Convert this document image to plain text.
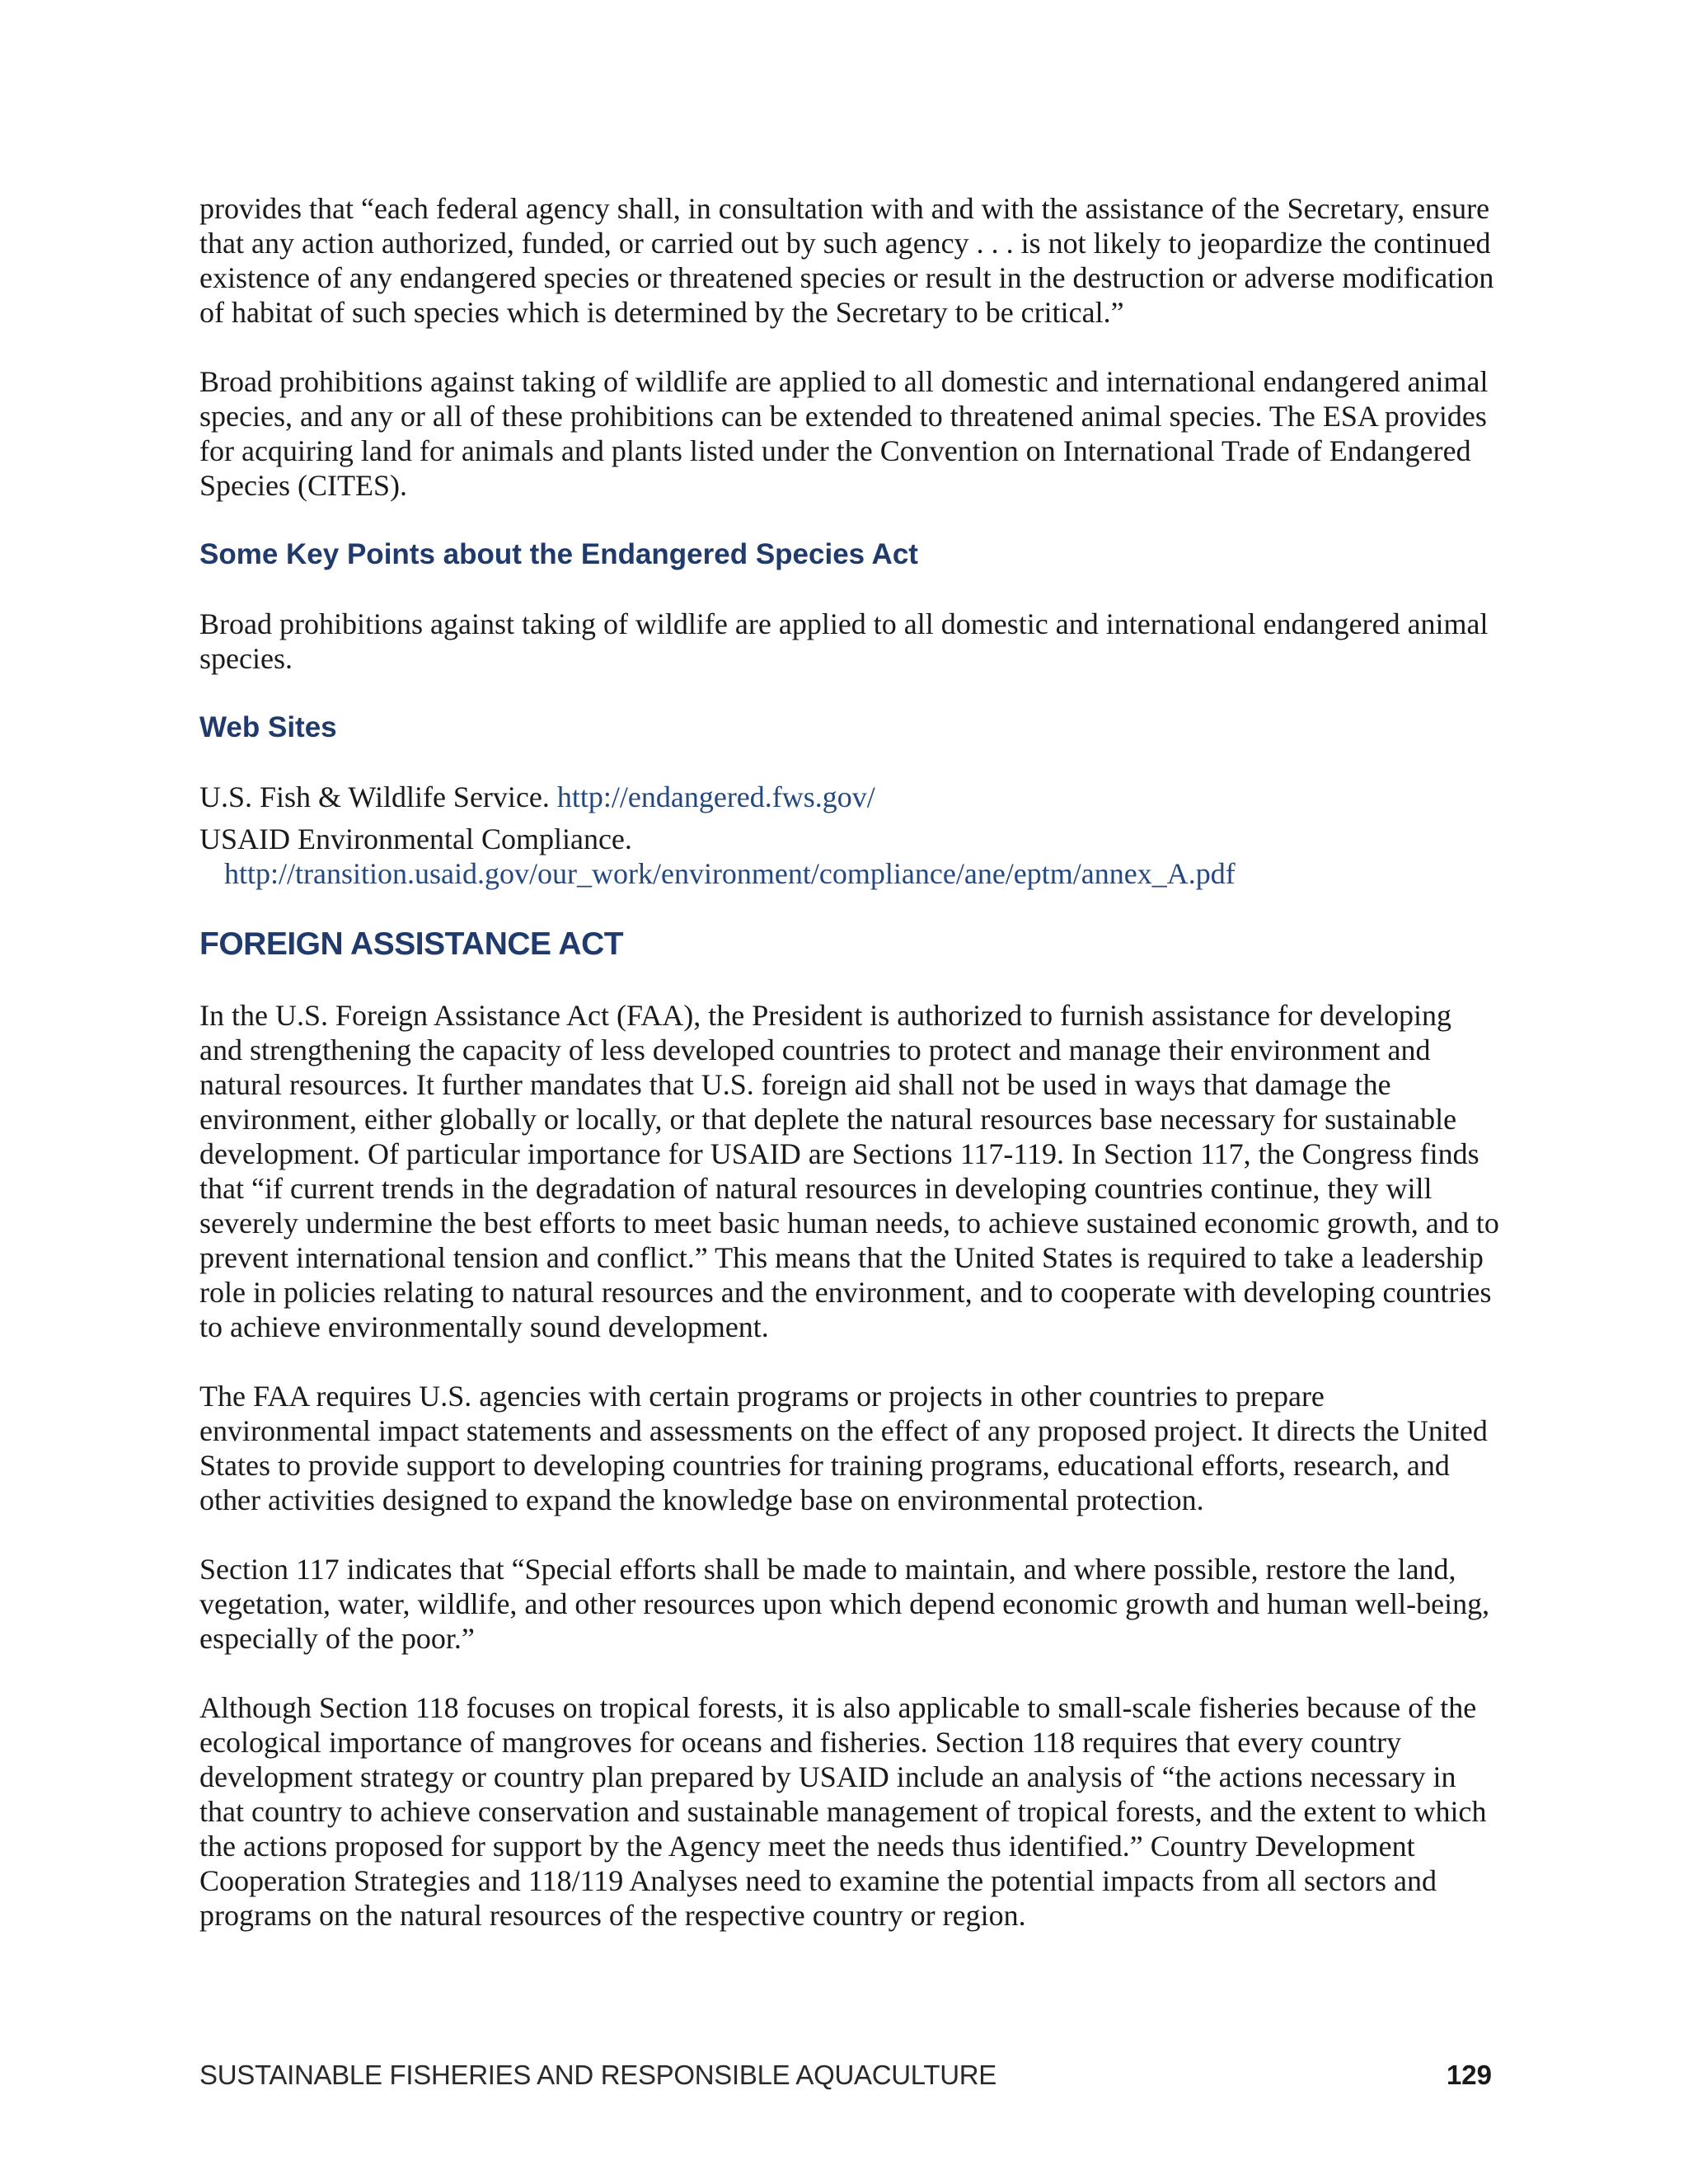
provides that “each federal agency shall, in consultation with and with the assistance of the Secretary, ensure that any action authorized, funded, or carried out by such agency . . . is not likely to jeopardize the continued existence of any endangered species or threatened species or result in the destruction or adverse modification of habitat of such species which is determined by the Secretary to be critical.”

Broad prohibitions against taking of wildlife are applied to all domestic and international endangered animal species, and any or all of these prohibitions can be extended to threatened animal species. The ESA provides for acquiring land for animals and plants listed under the Convention on International Trade of Endangered Species (CITES).

Some Key Points about the Endangered Species Act

Broad prohibitions against taking of wildlife are applied to all domestic and international endangered animal species.

Web Sites
U.S. Fish & Wildlife Service. http://endangered.fws.gov/
USAID Environmental Compliance.
http://transition.usaid.gov/our_work/environment/compliance/ane/eptm/annex_A.pdf
FOREIGN ASSISTANCE ACT

In the U.S. Foreign Assistance Act (FAA), the President is authorized to furnish assistance for developing and strengthening the capacity of less developed countries to protect and manage their environment and natural resources. It further mandates that U.S. foreign aid shall not be used in ways that damage the environment, either globally or locally, or that deplete the natural resources base necessary for sustainable development. Of particular importance for USAID are Sections 117-119. In Section 117, the Congress finds that “if current trends in the degradation of natural resources in developing countries continue, they will severely undermine the best efforts to meet basic human needs, to achieve sustained economic growth, and to prevent international tension and conflict.” This means that the United States is required to take a leadership role in policies relating to natural resources and the environment, and to cooperate with developing countries to achieve environmentally sound development.

The FAA requires U.S. agencies with certain programs or projects in other countries to prepare environmental impact statements and assessments on the effect of any proposed project. It directs the United States to provide support to developing countries for training programs, educational efforts, research, and other activities designed to expand the knowledge base on environmental protection.

Section 117 indicates that “Special efforts shall be made to maintain, and where possible, restore the land, vegetation, water, wildlife, and other resources upon which depend economic growth and human well-being, especially of the poor.”

Although Section 118 focuses on tropical forests, it is also applicable to small-scale fisheries because of the ecological importance of mangroves for oceans and fisheries. Section 118 requires that every country development strategy or country plan prepared by USAID include an analysis of “the actions necessary in that country to achieve conservation and sustainable management of tropical forests, and the extent to which the actions proposed for support by the Agency meet the needs thus identified.” Country Development Cooperation Strategies and 118/119 Analyses need to examine the potential impacts from all sectors and programs on the natural resources of the respective country or region.

SUSTAINABLE FISHERIES AND RESPONSIBLE AQUACULTURE	129
